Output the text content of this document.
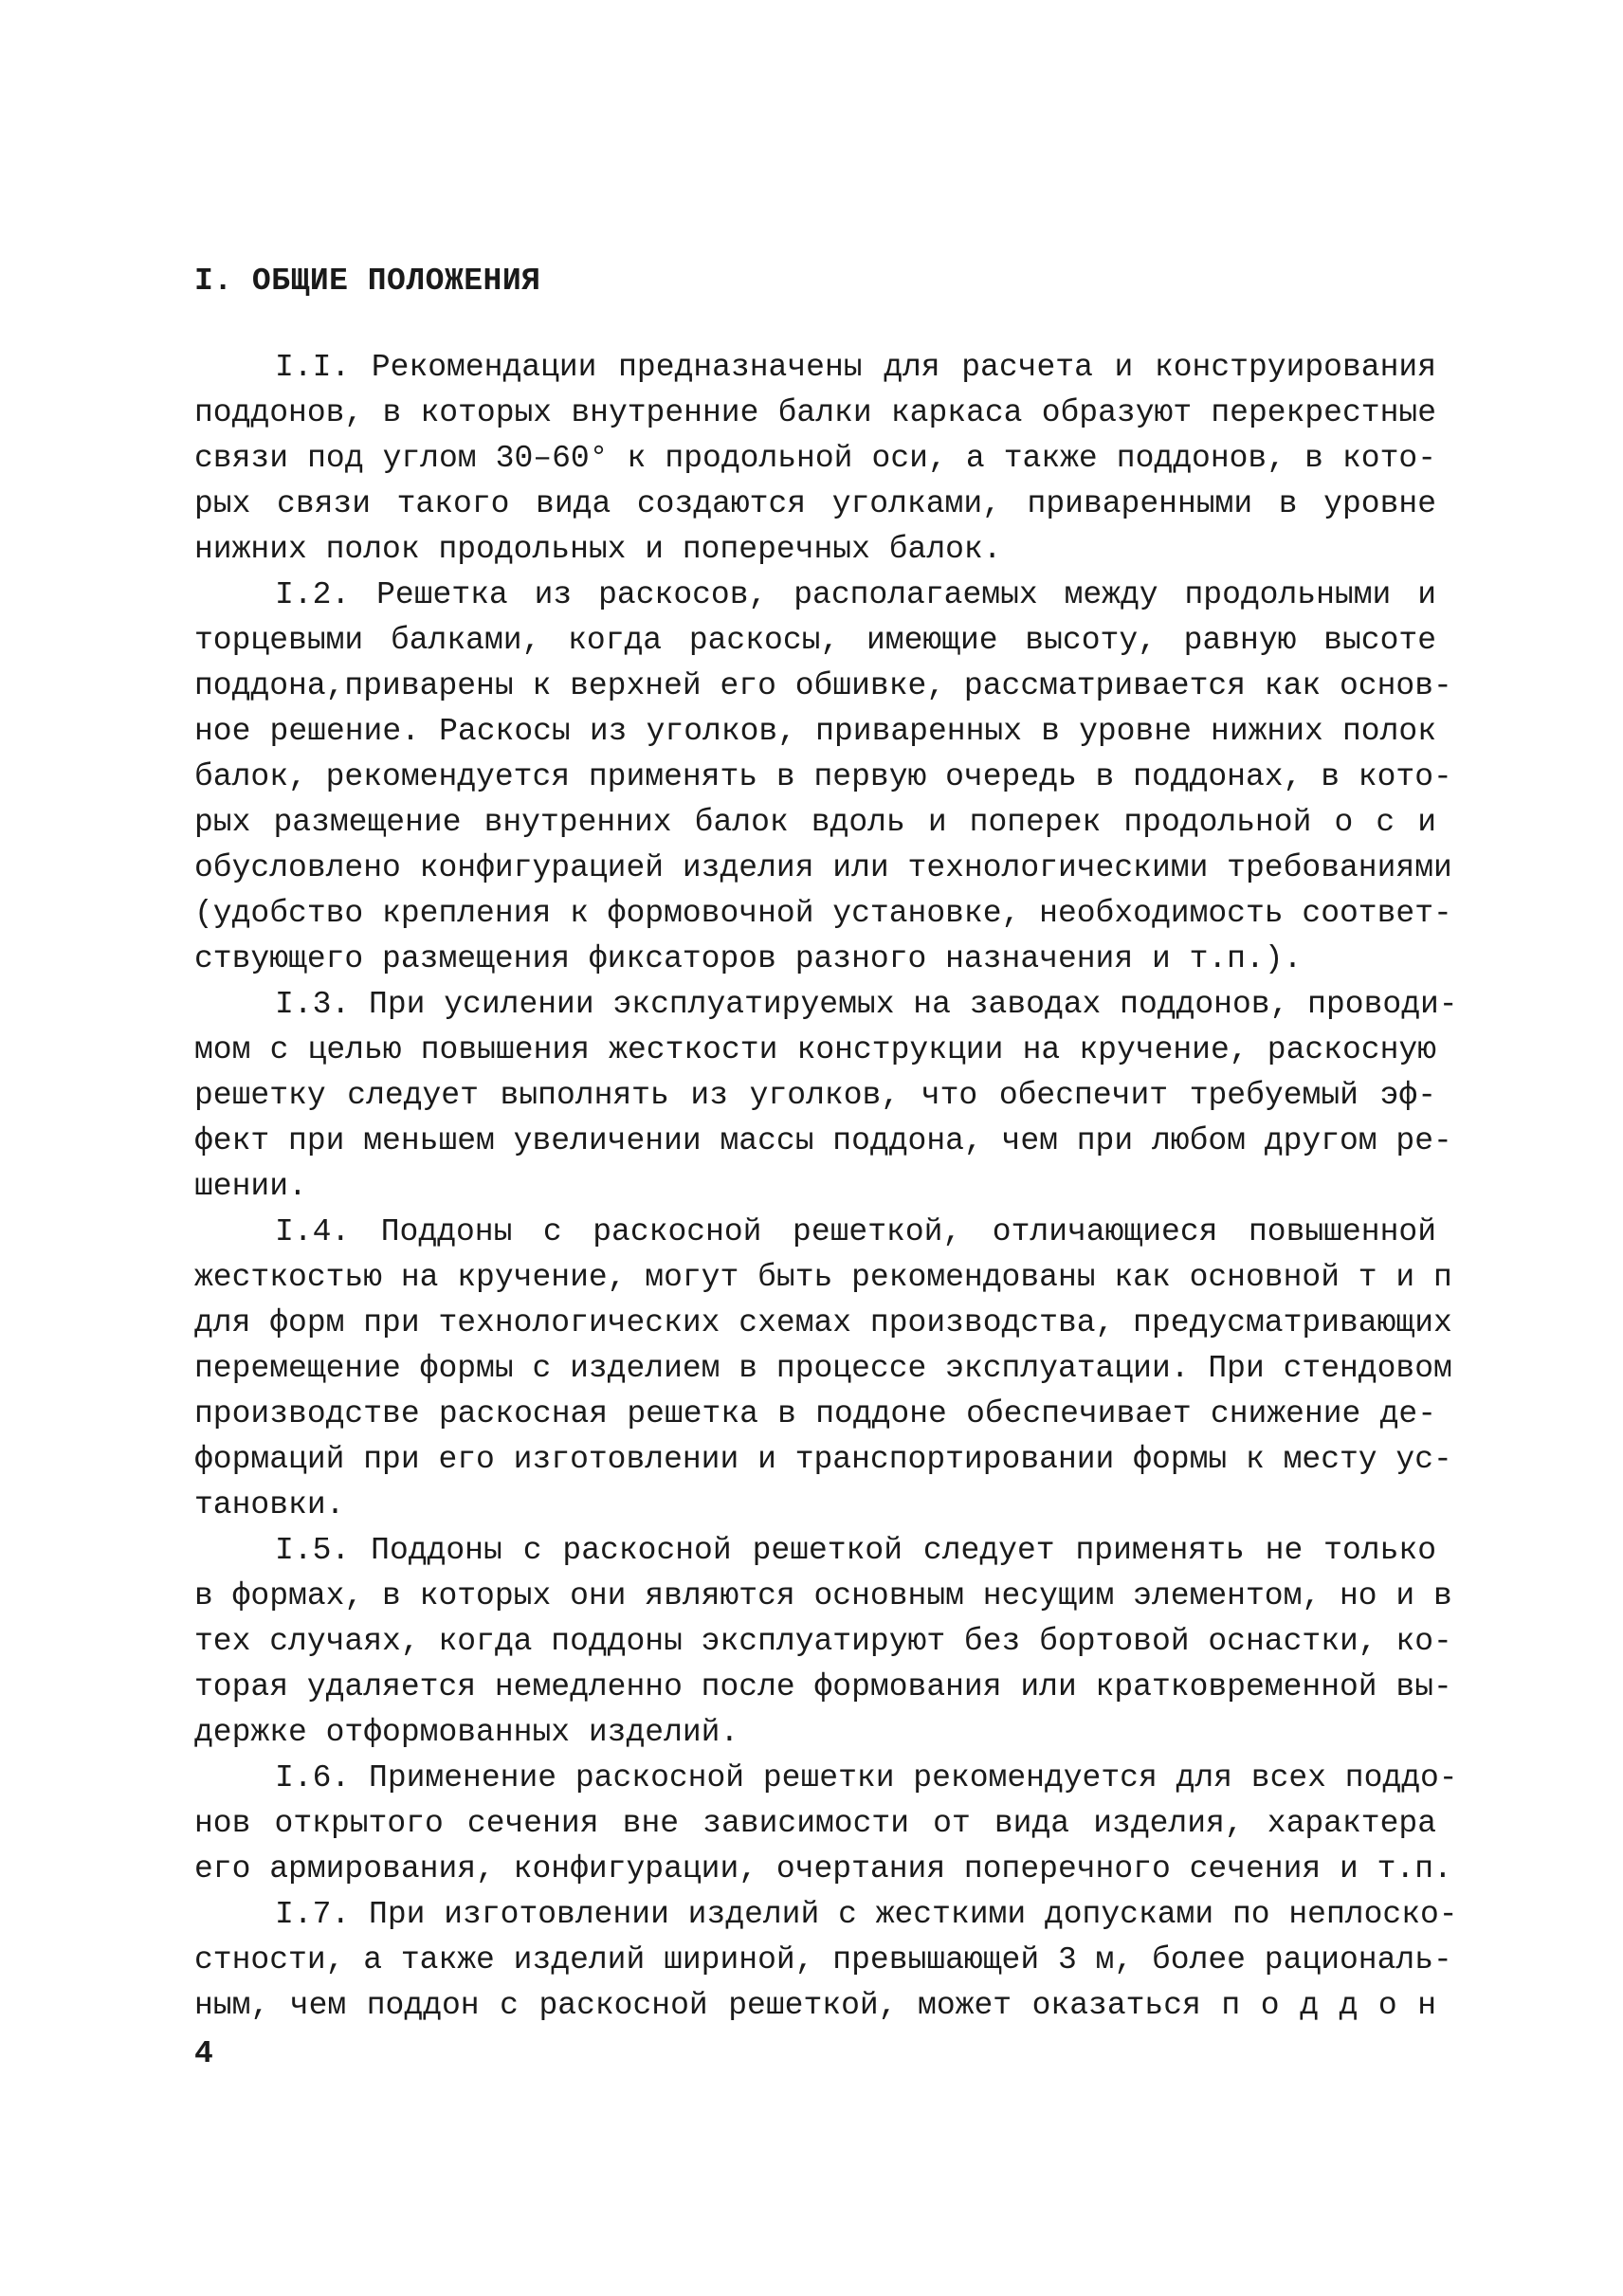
I. ОБЩИЕ ПОЛОЖЕНИЯ
I.I. Рекомендации предназначены для расчета и конструирования
поддонов, в которых внутренние балки каркаса образуют перекрестные
связи под углом 30–60° к продольной оси, а также поддонов, в кото-
рых связи такого вида создаются уголками, приваренными в уровне
нижних полок продольных и поперечных балок.
I.2. Решетка из раскосов, располагаемых между продольными и
торцевыми балками, когда раскосы, имеющие высоту, равную высоте
поддона,приварены к верхней его обшивке, рассматривается как основ-
ное решение. Раскосы из уголков, приваренных в уровне нижних полок
балок, рекомендуется применять в первую очередь в поддонах, в кото-
рых размещение внутренних балок вдоль и поперек продольной о с и
обусловлено конфигурацией изделия или технологическими требованиями
(удобство крепления к формовочной установке, необходимость соответ-
ствующего размещения фиксаторов разного назначения и т.п.).
I.3. При усилении эксплуатируемых на заводах поддонов, проводи-
мом с целью повышения жесткости конструкции на кручение, раскосную
решетку следует выполнять из уголков, что обеспечит требуемый эф-
фект при меньшем увеличении массы поддона, чем при любом другом ре-
шении.
I.4. Поддоны с раскосной решеткой, отличающиеся повышенной
жесткостью на кручение, могут быть рекомендованы как основной т и п
для форм при технологических схемах производства, предусматривающих
перемещение формы с изделием в процессе эксплуатации. При стендовом
производстве раскосная решетка в поддоне обеспечивает снижение де-
формаций при его изготовлении и транспортировании формы к месту ус-
тановки.
I.5. Поддоны с раскосной решеткой следует применять не только
в формах, в которых они являются основным несущим элементом, но и в
тех случаях, когда поддоны эксплуатируют без бортовой оснастки, ко-
торая удаляется немедленно после формования или кратковременной вы-
держке отформованных изделий.
I.6. Применение раскосной решетки рекомендуется для всех поддо-
нов открытого сечения вне зависимости от вида изделия, характера
его армирования, конфигурации, очертания поперечного сечения и т.п.
I.7. При изготовлении изделий с жесткими допусками по неплоско-
стности, а также изделий шириной, превышающей 3 м, более рациональ-
ным, чем поддон с раскосной решеткой, может оказаться п о д д о н
4
